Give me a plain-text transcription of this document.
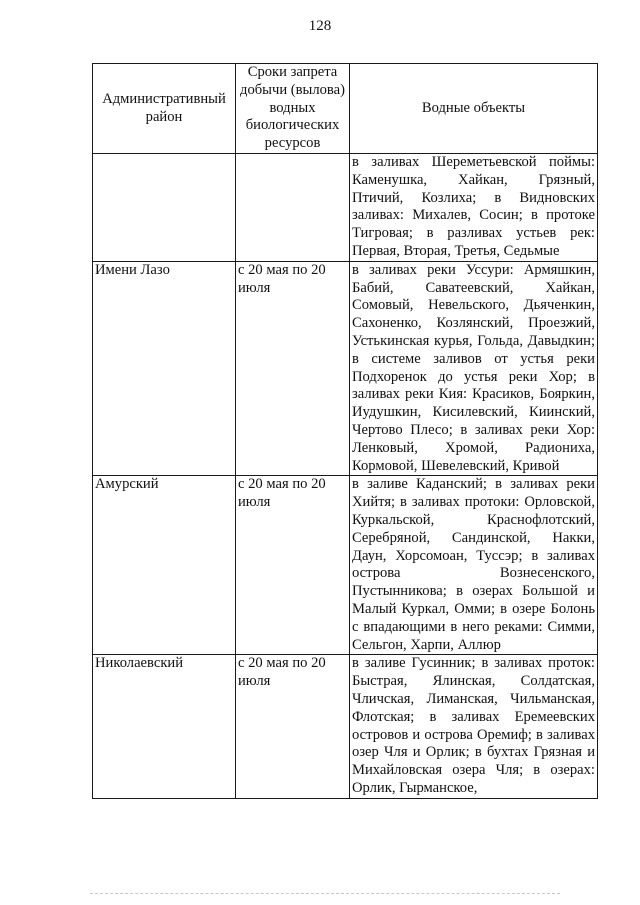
128
Административный район	Сроки запрета добычи (вылова) водных биологических ресурсов	Водные объекты
		в заливах Шереметьевской поймы: Каменушка, Хайкан, Грязный, Птичий, Козлиха; в Видновских заливах: Михалев, Сосин; в протоке Тигровая; в разливах устьев рек: Первая, Вторая, Третья, Седьмые
Имени Лазо	с 20 мая по 20 июля	в заливах реки Уссури: Армяшкин, Бабий, Саватеевский, Хайкан, Сомовый, Невельского, Дьяченкин, Сахоненко, Козлянский, Проезжий, Устькинская курья, Гольда, Давыдкин; в системе заливов от устья реки Подхоренок до устья реки Хор; в заливах реки Кия: Красиков, Бояркин, Иудушкин, Кисилевский, Киинский, Чертово Плесо; в заливах реки Хор: Ленковый, Хромой, Радиониха, Кормовой, Шевелевский, Кривой
Амурский	с 20 мая по 20 июля	в заливе Каданский; в заливах реки Хийтя; в заливах протоки: Орловской, Куркальской, Краснофлотский, Серебряной, Сандинской, Накки, Даун, Хорсомоан, Туссэр; в заливах острова Вознесенского, Пустынникова; в озерах Большой и Малый Куркал, Омми; в озере Болонь с впадающими в него реками: Симми, Сельгон, Харпи, Аллюр
Николаевский	с 20 мая по 20 июля	в заливе Гусинник; в заливах проток: Быстрая, Ялинская, Солдатская, Чличская, Лиманская, Чильманская, Флотская; в заливах Еремеевских островов и острова Оремиф; в заливах озер Чля и Орлик; в бухтах Грязная и Михайловская озера Чля; в озерах: Орлик, Гырманское,
